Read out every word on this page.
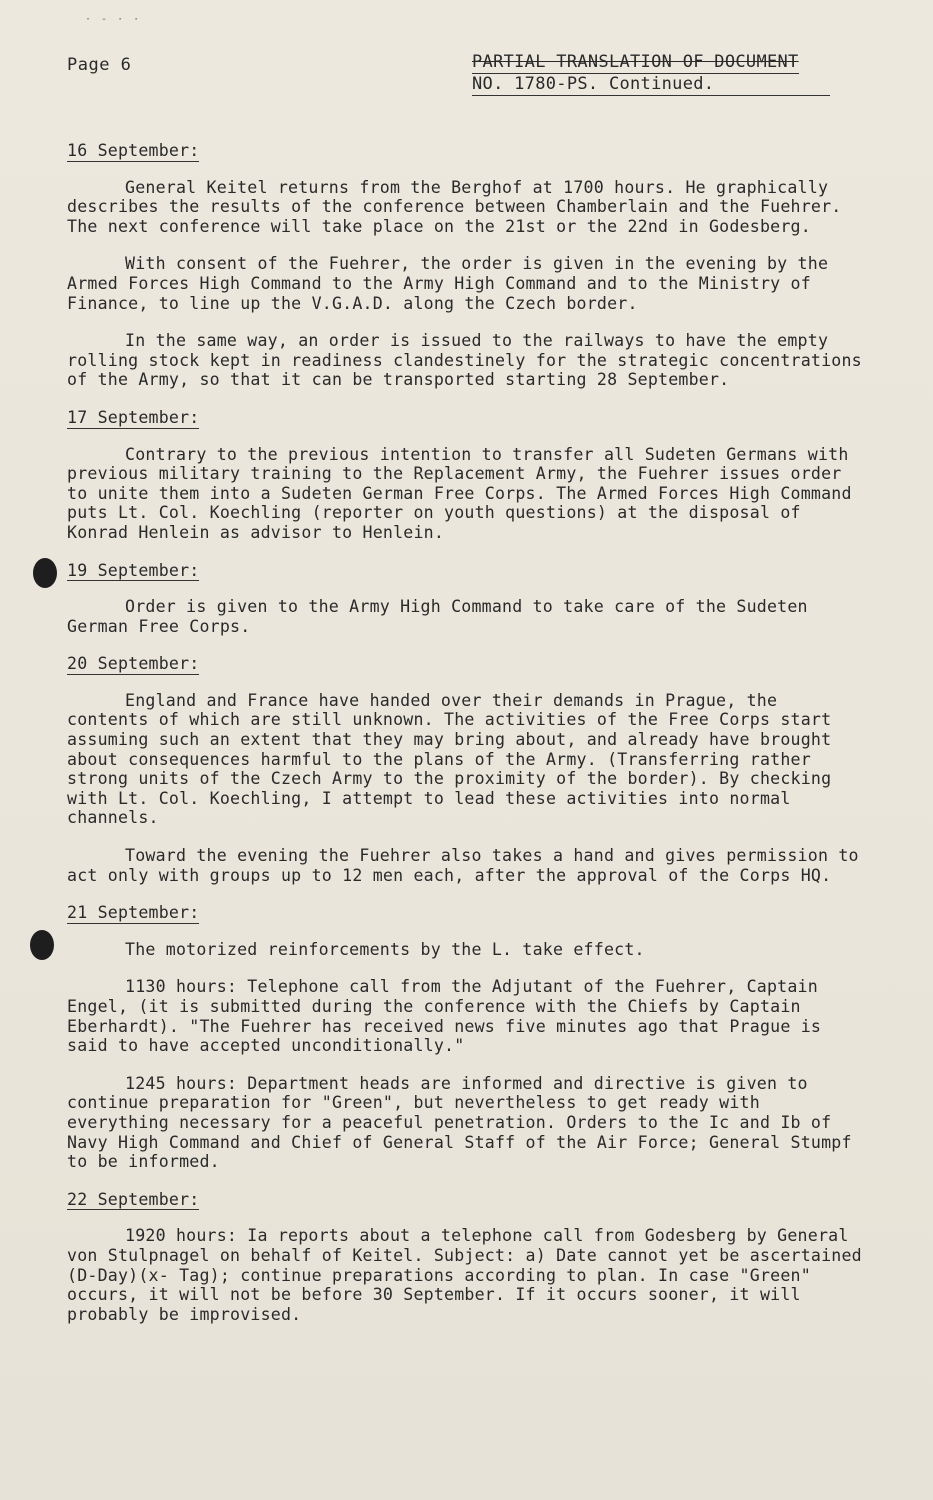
· - · ·
Page 6	PARTIAL TRANSLATION OF DOCUMENT
NO. 1780-PS. Continued.
16 September:

General Keitel returns from the Berghof at 1700 hours. He graphically describes the results of the conference between Chamberlain and the Fuehrer. The next conference will take place on the 21st or the 22nd in Godesberg.

With consent of the Fuehrer, the order is given in the evening by the Armed Forces High Command to the Army High Command and to the Ministry of Finance, to line up the V.G.A.D. along the Czech border.

In the same way, an order is issued to the railways to have the empty rolling stock kept in readiness clandestinely for the strategic concentrations of the Army, so that it can be transported starting 28 September.

17 September:

Contrary to the previous intention to transfer all Sudeten Germans with previous military training to the Replacement Army, the Fuehrer issues order to unite them into a Sudeten German Free Corps. The Armed Forces High Command puts Lt. Col. Koechling (reporter on youth questions) at the disposal of Konrad Henlein as advisor to Henlein.

19 September:

Order is given to the Army High Command to take care of the Sudeten German Free Corps.

20 September:

England and France have handed over their demands in Prague, the contents of which are still unknown. The activities of the Free Corps start assuming such an extent that they may bring about, and already have brought about consequences harmful to the plans of the Army. (Transferring rather strong units of the Czech Army to the proximity of the border). By checking with Lt. Col. Koechling, I attempt to lead these activities into normal channels.

Toward the evening the Fuehrer also takes a hand and gives permission to act only with groups up to 12 men each, after the approval of the Corps HQ.

21 September:

The motorized reinforcements by the L. take effect.

1130 hours: Telephone call from the Adjutant of the Fuehrer, Captain Engel, (it is submitted during the conference with the Chiefs by Captain Eberhardt). "The Fuehrer has received news five minutes ago that Prague is said to have accepted unconditionally."

1245 hours: Department heads are informed and directive is given to continue preparation for "Green", but nevertheless to get ready with everything necessary for a peaceful penetration. Orders to the Ic and Ib of Navy High Command and Chief of General Staff of the Air Force; General Stumpf to be informed.

22 September:

1920 hours: Ia reports about a telephone call from Godesberg by General von Stulpnagel on behalf of Keitel. Subject: a) Date cannot yet be ascertained (D-Day)(x- Tag); continue preparations according to plan. In case "Green" occurs, it will not be before 30 September. If it occurs sooner, it will probably be improvised.
